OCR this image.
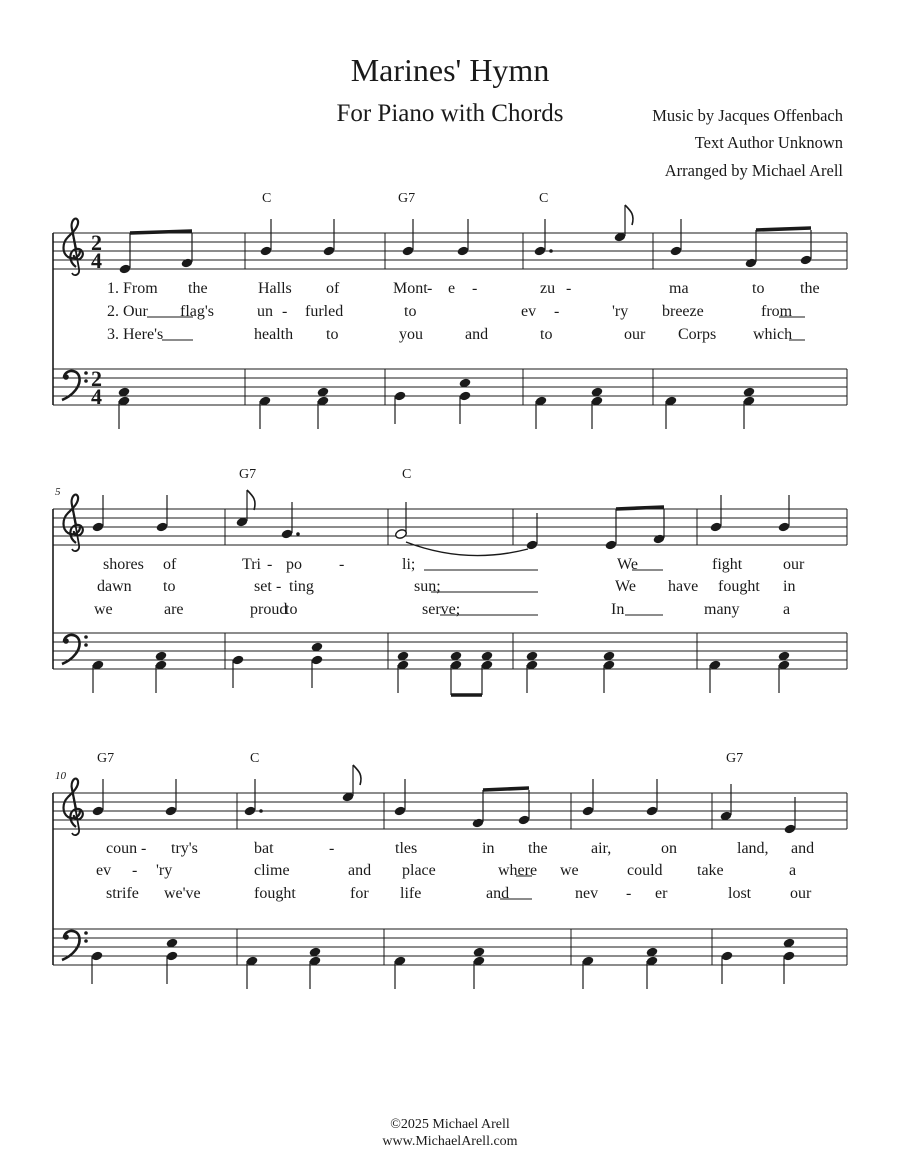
Marines' Hymn
For Piano with Chords	Music by Jacques Offenbach
Text Author Unknown
Arranged by Michael Arell
2
4
2
4
C	G7	C
1. From the	Halls of	Mont - e -	zu -	ma	to the
2. Our flag's	un - furled	to	ev -	'ry breeze	from
3. Here's	health to	you	and	to	our Corps which
5
G7	C
shores of	Tri - po -	li;	We	fight	our
dawn to	set - ting	sun;	We have fought in
we	are	proud
to	serve;	In	many	a
10
G7	C	G7
coun - try's	bat	-	tles	in the	air,	on	land, and
ev - 'ry	clime	and place	where we	could take	a
strife we've	fought	for life	and	nev - er	lost our
©2025 Michael Arell
www.MichaelArell.com
